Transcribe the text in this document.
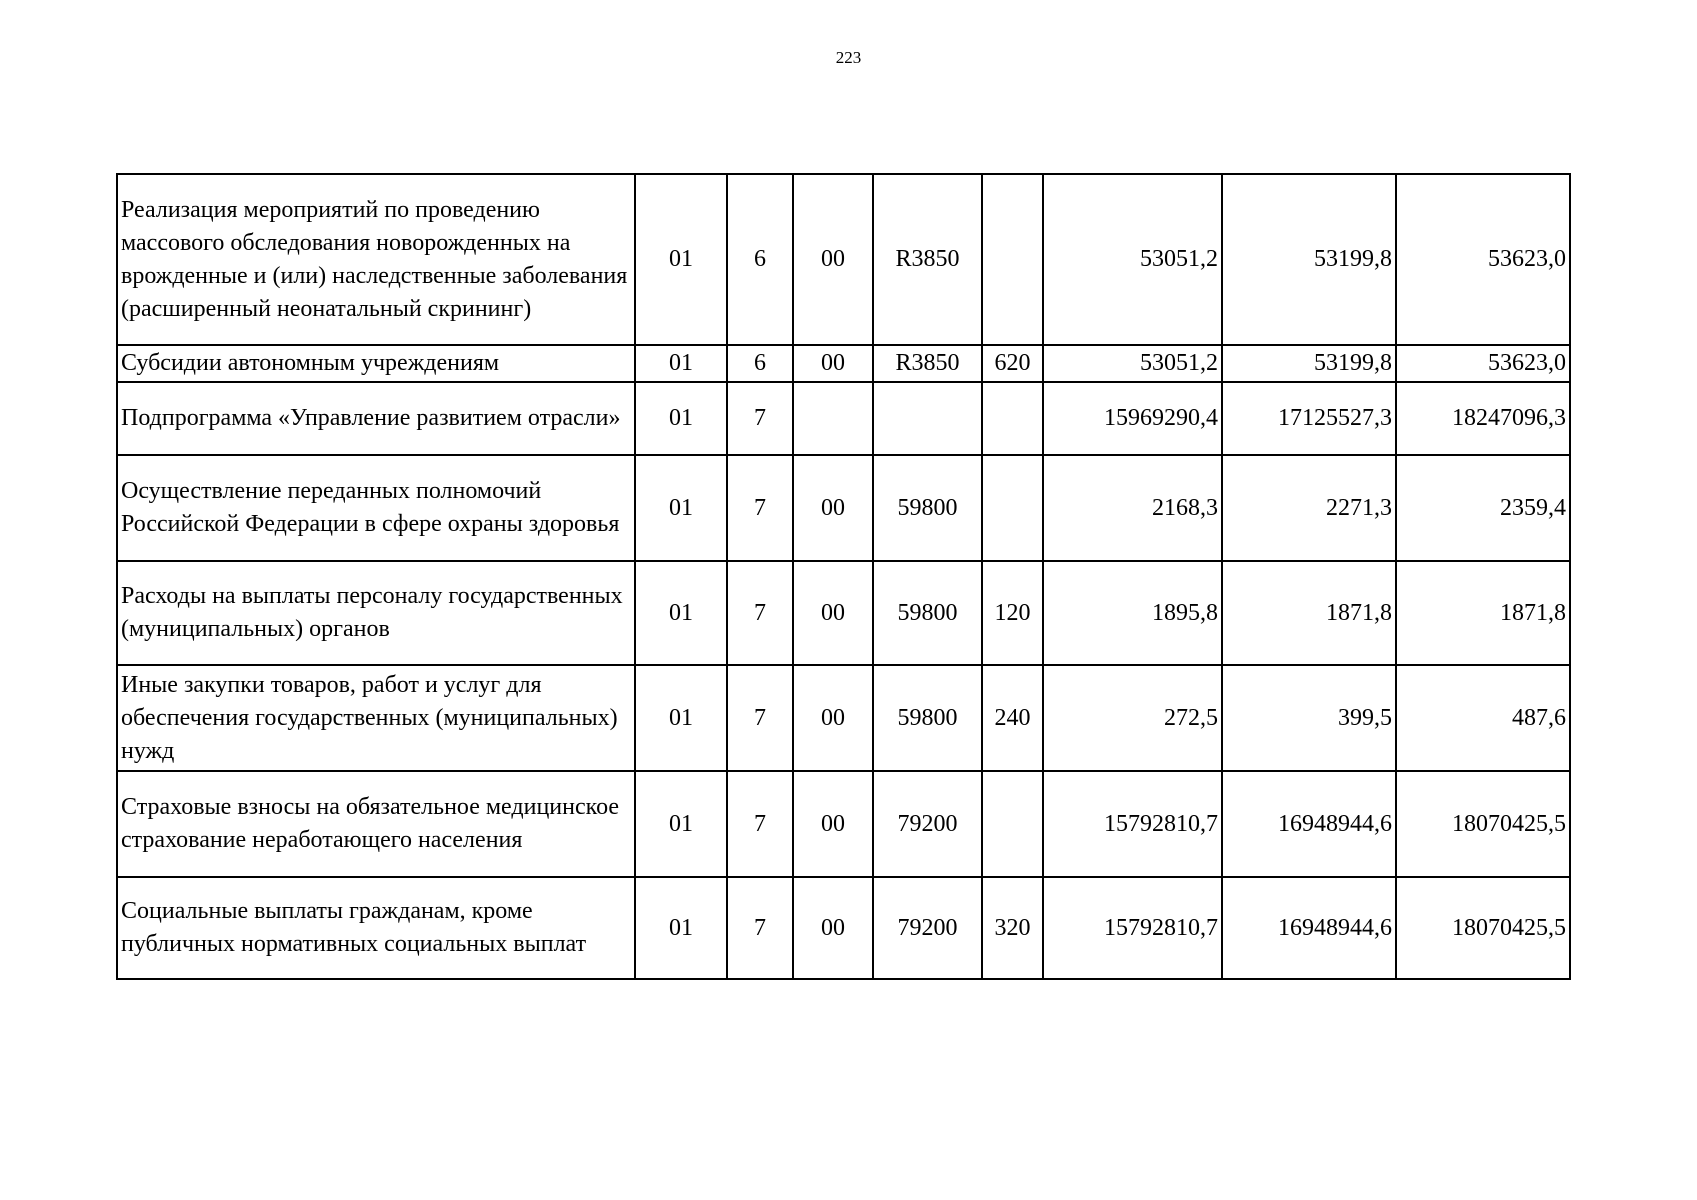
223
Реализация мероприятий по проведению массового обследования новорожденных на врожденные и (или) наследственные заболевания (расширенный неонатальный скрининг)	01	6	00	R3850		53051,2	53199,8	53623,0
Субсидии автономным учреждениям	01	6	00	R3850	620	53051,2	53199,8	53623,0
Подпрограмма «Управление развитием отрасли»	01	7				15969290,4	17125527,3	18247096,3
Осуществление переданных полномочий Российской Федерации в сфере охраны здоровья	01	7	00	59800		2168,3	2271,3	2359,4
Расходы на выплаты персоналу государственных (муниципальных) органов	01	7	00	59800	120	1895,8	1871,8	1871,8
Иные закупки товаров, работ и услуг для обеспечения государственных (муниципальных) нужд	01	7	00	59800	240	272,5	399,5	487,6
Страховые взносы на обязательное медицинское страхование неработающего населения	01	7	00	79200		15792810,7	16948944,6	18070425,5
Социальные выплаты гражданам, кроме публичных нормативных социальных выплат	01	7	00	79200	320	15792810,7	16948944,6	18070425,5
